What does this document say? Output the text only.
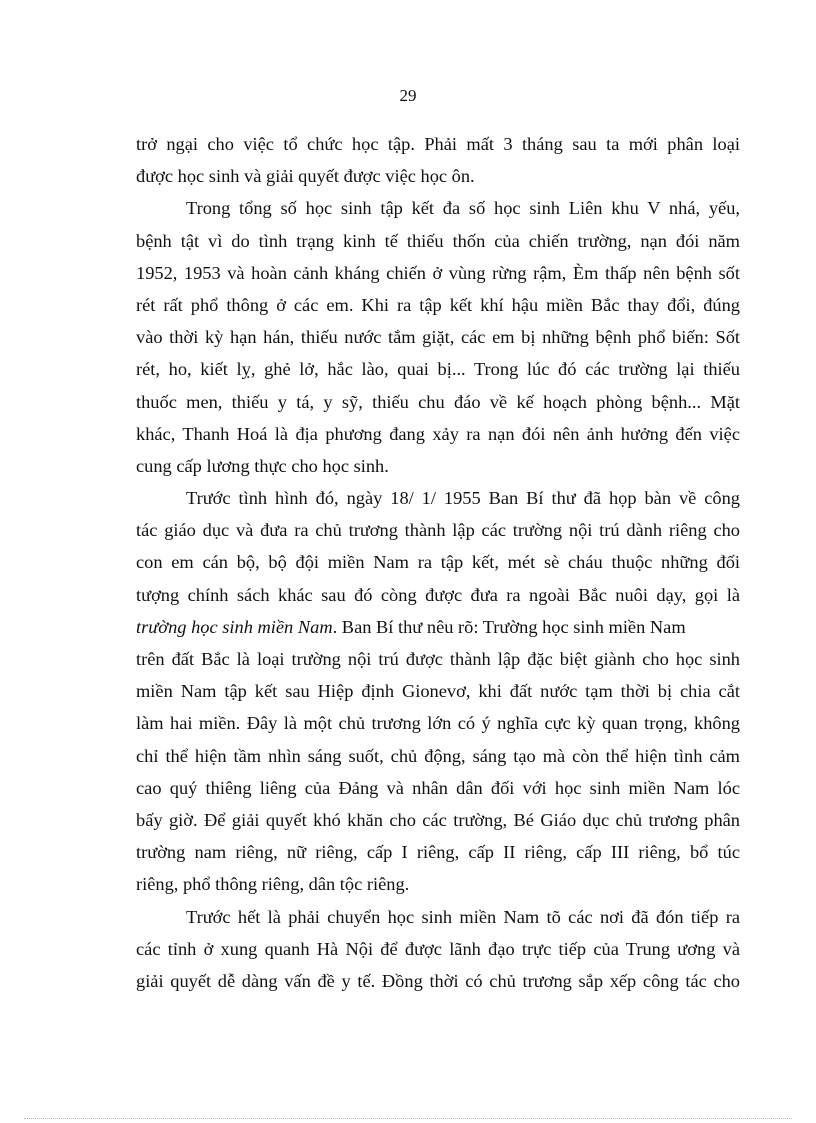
29
trở ngại cho việc tổ chức học tập. Phải mất 3 tháng sau ta mới phân loại
được học sinh và giải quyết được việc học ôn.
Trong tổng số học sinh tập kết đa số học sinh Liên khu V nhá, yếu,
bệnh tật vì do tình trạng kinh tế thiếu thốn của chiến trường, nạn đói năm
1952, 1953 và hoàn cảnh kháng chiến ở vùng rừng rậm, Èm thấp nên bệnh sốt
rét rất phổ thông ở các em. Khi ra tập kết khí hậu miền Bắc thay đổi, đúng
vào thời kỳ hạn hán, thiếu nước tắm giặt, các em bị những bệnh phổ biến: Sốt
rét, ho, kiết lỵ, ghẻ lở, hắc lào, quai bị... Trong lúc đó các trường lại thiếu
thuốc men, thiếu y tá, y sỹ, thiếu chu đáo về kế hoạch phòng bệnh... Mặt
khác, Thanh Hoá là địa phương đang xảy ra nạn đói nên ảnh hưởng đến việc
cung cấp lương thực cho học sinh.
Trước tình hình đó, ngày 18/ 1/ 1955 Ban Bí thư đã họp bàn về công
tác giáo dục và đưa ra chủ trương thành lập các trường nội trú dành riêng cho
con em cán bộ, bộ đội miền Nam ra tập kết, mét sè cháu thuộc những đối
tượng chính sách khác sau đó còng được đưa ra ngoài Bắc nuôi dạy, gọi là
trường học sinh miền Nam. Ban Bí thư nêu rõ: Trường học sinh miền Nam
trên đất Bắc là loại trường nội trú được thành lập đặc biệt giành cho học sinh
miền Nam tập kết sau Hiệp định Gionevơ, khi đất nước tạm thời bị chia cắt
làm hai miền. Đây là một chủ trương lớn có ý nghĩa cực kỳ quan trọng, không
chỉ thể hiện tầm nhìn sáng suốt, chủ động, sáng tạo mà còn thể hiện tình cảm
cao quý thiêng liêng của Đảng và nhân dân đối với học sinh miền Nam lóc
bấy giờ. Để giải quyết khó khăn cho các trường, Bé Giáo dục chủ trương phân
trường nam riêng, nữ riêng, cấp I riêng, cấp II riêng, cấp III riêng, bổ túc
riêng, phổ thông riêng, dân tộc riêng.
Trước hết là phải chuyển học sinh miền Nam tõ các nơi đã đón tiếp ra
các tỉnh ở xung quanh Hà Nội để được lãnh đạo trực tiếp của Trung ương và
giải quyết dễ dàng vấn đề y tế. Đồng thời có chủ trương sắp xếp công tác cho
